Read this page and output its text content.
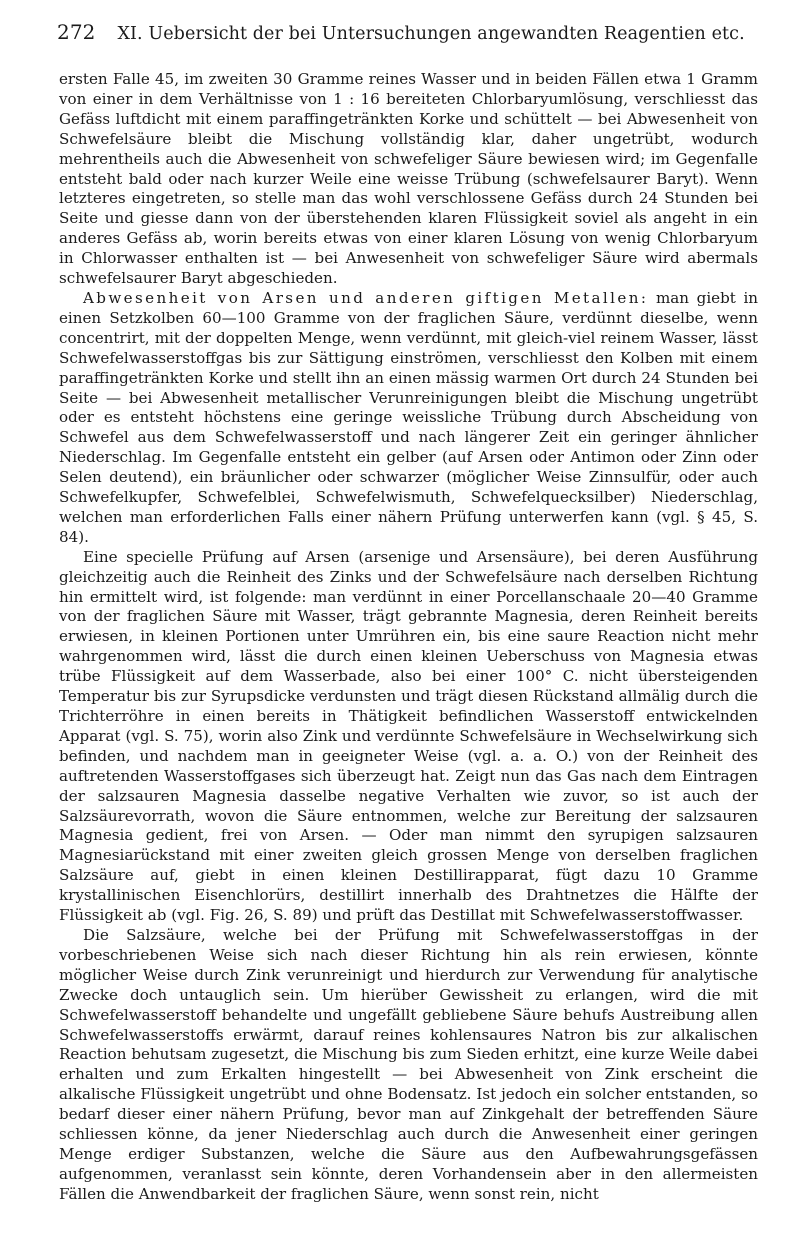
272 XI. Uebersicht der bei Untersuchungen angewandten Reagentien etc.

ersten Falle 45, im zweiten 30 Gramme reines Wasser und in beiden Fällen etwa 1 Gramm von einer in dem Verhältnisse von 1 : 16 bereiteten Chlorbaryumlösung, verschliesst das Gefäss luftdicht mit einem paraffingetränkten Korke und schüttelt — bei Abwesenheit von Schwefelsäure bleibt die Mischung vollständig klar, daher ungetrübt, wodurch mehrentheils auch die Abwesenheit von schwefeliger Säure bewiesen wird; im Gegenfalle entsteht bald oder nach kurzer Weile eine weisse Trübung (schwefelsaurer Baryt). Wenn letzteres eingetreten, so stelle man das wohl verschlossene Gefäss durch 24 Stunden bei Seite und giesse dann von der überstehenden klaren Flüssigkeit soviel als angeht in ein anderes Gefäss ab, worin bereits etwas von einer klaren Lösung von wenig Chlorbaryum in Chlorwasser enthalten ist — bei Anwesenheit von schwefeliger Säure wird abermals schwefelsaurer Baryt abgeschieden.

Abwesenheit von Arsen und anderen giftigen Metallen: man giebt in einen Setzkolben 60—100 Gramme von der fraglichen Säure, verdünnt dieselbe, wenn concentrirt, mit der doppelten Menge, wenn verdünnt, mit gleich-viel reinem Wasser, lässt Schwefelwasserstoffgas bis zur Sättigung einströmen, verschliesst den Kolben mit einem paraffingetränkten Korke und stellt ihn an einen mässig warmen Ort durch 24 Stunden bei Seite — bei Abwesenheit metallischer Verunreinigungen bleibt die Mischung ungetrübt oder es entsteht höchstens eine geringe weissliche Trübung durch Abscheidung von Schwefel aus dem Schwefelwasserstoff und nach längerer Zeit ein geringer ähnlicher Niederschlag. Im Gegenfalle entsteht ein gelber (auf Arsen oder Antimon oder Zinn oder Selen deutend), ein bräunlicher oder schwarzer (möglicher Weise Zinnsulfür, oder auch Schwefelkupfer, Schwefelblei, Schwefelwismuth, Schwefelquecksilber) Niederschlag, welchen man erforderlichen Falls einer nähern Prüfung unterwerfen kann (vgl. § 45, S. 84).

Eine specielle Prüfung auf Arsen (arsenige und Arsensäure), bei deren Ausführung gleichzeitig auch die Reinheit des Zinks und der Schwefelsäure nach derselben Richtung hin ermittelt wird, ist folgende: man verdünnt in einer Porcellanschaale 20—40 Gramme von der fraglichen Säure mit Wasser, trägt gebrannte Magnesia, deren Reinheit bereits erwiesen, in kleinen Portionen unter Umrühren ein, bis eine saure Reaction nicht mehr wahrgenommen wird, lässt die durch einen kleinen Ueberschuss von Magnesia etwas trübe Flüssigkeit auf dem Wasserbade, also bei einer 100° C. nicht übersteigenden Temperatur bis zur Syrupsdicke verdunsten und trägt diesen Rückstand allmälig durch die Trichterröhre in einen bereits in Thätigkeit befindlichen Wasserstoff entwickelnden Apparat (vgl. S. 75), worin also Zink und verdünnte Schwefelsäure in Wechselwirkung sich befinden, und nachdem man in geeigneter Weise (vgl. a. a. O.) von der Reinheit des auftretenden Wasserstoffgases sich überzeugt hat. Zeigt nun das Gas nach dem Eintragen der salzsauren Magnesia dasselbe negative Verhalten wie zuvor, so ist auch der Salzsäurevorrath, wovon die Säure entnommen, welche zur Bereitung der salzsauren Magnesia gedient, frei von Arsen. — Oder man nimmt den syrupigen salzsauren Magnesiarückstand mit einer zweiten gleich grossen Menge von derselben fraglichen Salzsäure auf, giebt in einen kleinen Destillirapparat, fügt dazu 10 Gramme krystallinischen Eisenchlorürs, destillirt innerhalb des Drahtnetzes die Hälfte der Flüssigkeit ab (vgl. Fig. 26, S. 89) und prüft das Destillat mit Schwefelwasserstoffwasser.

Die Salzsäure, welche bei der Prüfung mit Schwefelwasserstoffgas in der vorbeschriebenen Weise sich nach dieser Richtung hin als rein erwiesen, könnte möglicher Weise durch Zink verunreinigt und hierdurch zur Verwendung für analytische Zwecke doch untauglich sein. Um hierüber Gewissheit zu erlangen, wird die mit Schwefelwasserstoff behandelte und ungefällt gebliebene Säure behufs Austreibung allen Schwefelwasserstoffs erwärmt, darauf reines kohlensaures Natron bis zur alkalischen Reaction behutsam zugesetzt, die Mischung bis zum Sieden erhitzt, eine kurze Weile dabei erhalten und zum Erkalten hingestellt — bei Abwesenheit von Zink erscheint die alkalische Flüssigkeit ungetrübt und ohne Bodensatz. Ist jedoch ein solcher entstanden, so bedarf dieser einer nähern Prüfung, bevor man auf Zinkgehalt der betreffenden Säure schliessen könne, da jener Niederschlag auch durch die Anwesenheit einer geringen Menge erdiger Substanzen, welche die Säure aus den Aufbewahrungsgefässen aufgenommen, veranlasst sein könnte, deren Vorhandensein aber in den allermeisten Fällen die Anwendbarkeit der fraglichen Säure, wenn sonst rein, nicht
